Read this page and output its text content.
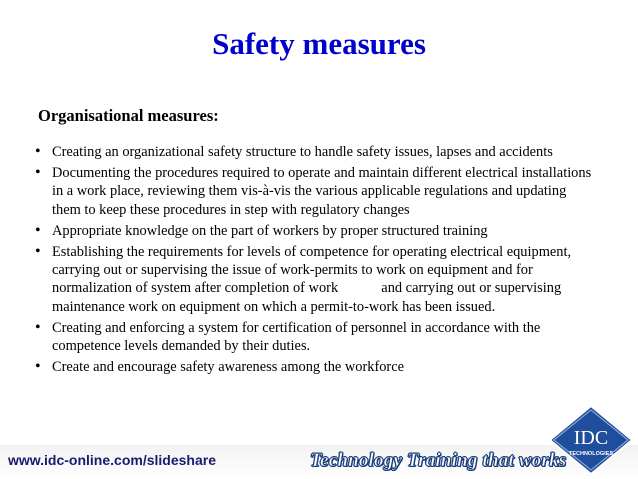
Safety measures
Organisational measures:
• Creating an organizational safety structure to handle safety issues, lapses and accidents
• Documenting the procedures required to operate and maintain different electrical installations in a work place, reviewing them vis-à-vis the various applicable regulations and updating them to keep these procedures in step with regulatory changes
• Appropriate knowledge on the part of workers by proper structured training
• Establishing the requirements for levels of competence for operating electrical equipment, carrying out or supervising the issue of work-permits to work on equipment and for normalization of system after completion of work            and carrying out or supervising maintenance work on equipment on which a permit-to-work has been issued.
• Creating and enforcing a system for certification of personnel in accordance with the competence levels demanded by their duties.
• Create and encourage safety awareness among the workforce
www.idc-online.com/slideshare	Technology Training that works
IDC
TECHNOLOGIES
